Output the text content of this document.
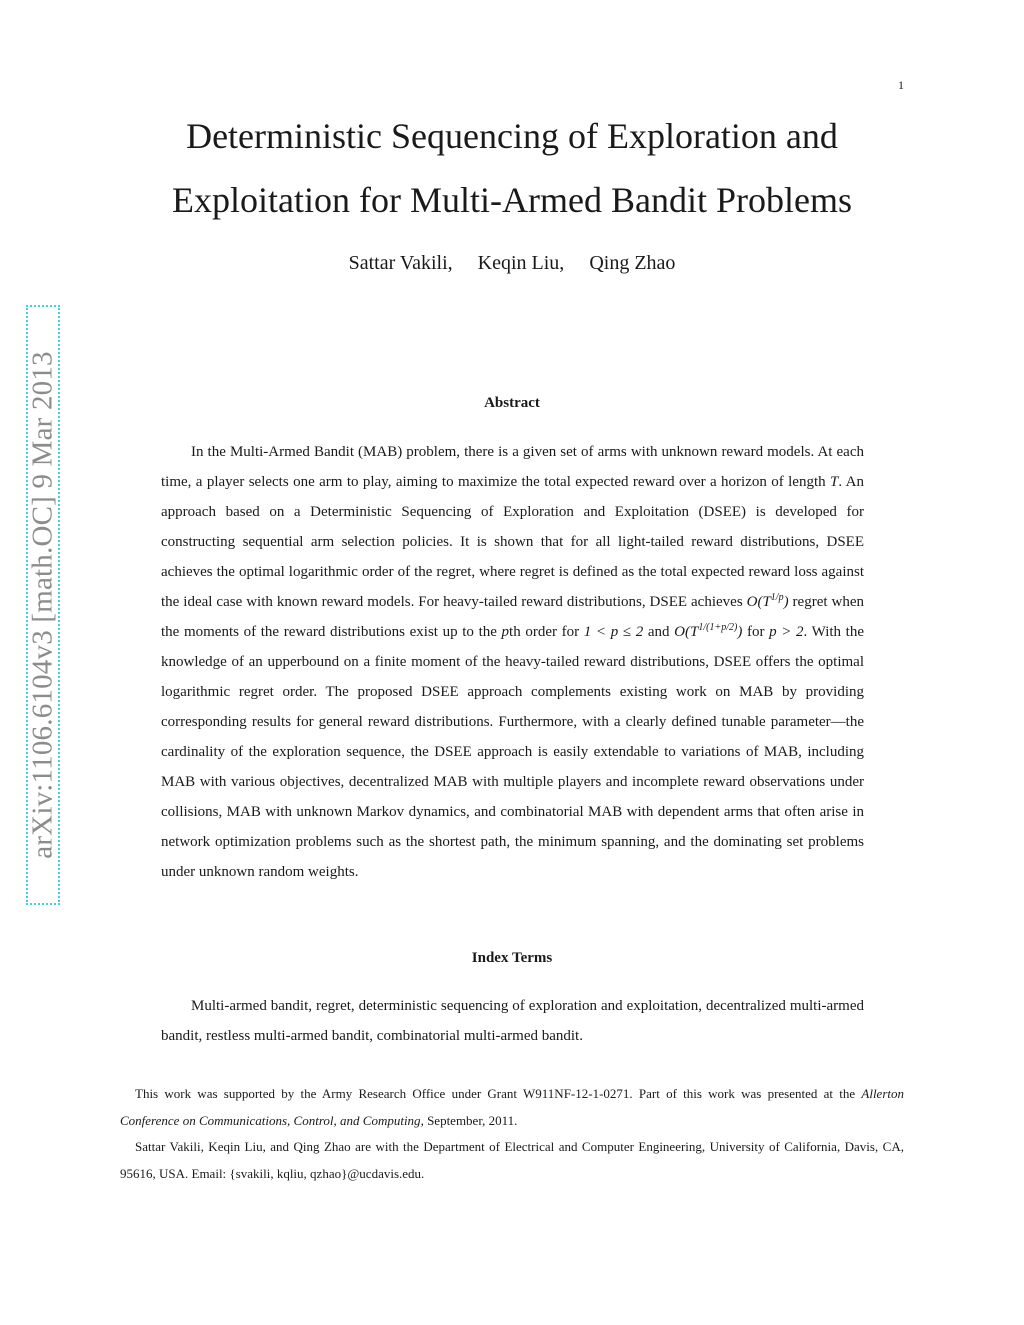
1
arXiv:1106.6104v3 [math.OC] 9 Mar 2013
Deterministic Sequencing of Exploration and Exploitation for Multi-Armed Bandit Problems
Sattar Vakili, Keqin Liu, Qing Zhao
Abstract

In the Multi-Armed Bandit (MAB) problem, there is a given set of arms with unknown reward models. At each time, a player selects one arm to play, aiming to maximize the total expected reward over a horizon of length T. An approach based on a Deterministic Sequencing of Exploration and Exploitation (DSEE) is developed for constructing sequential arm selection policies. It is shown that for all light-tailed reward distributions, DSEE achieves the optimal logarithmic order of the regret, where regret is defined as the total expected reward loss against the ideal case with known reward models. For heavy-tailed reward distributions, DSEE achieves $O(T^{1/p})$ regret when the moments of the reward distributions exist up to the pth order for 1 < p ≤ 2 and $O(T^{1/(1+p/2)})$ for p > 2. With the knowledge of an upperbound on a finite moment of the heavy-tailed reward distributions, DSEE offers the optimal logarithmic regret order. The proposed DSEE approach complements existing work on MAB by providing corresponding results for general reward distributions. Furthermore, with a clearly defined tunable parameter—the cardinality of the exploration sequence, the DSEE approach is easily extendable to variations of MAB, including MAB with various objectives, decentralized MAB with multiple players and incomplete reward observations under collisions, MAB with unknown Markov dynamics, and combinatorial MAB with dependent arms that often arise in network optimization problems such as the shortest path, the minimum spanning, and the dominating set problems under unknown random weights.

Index Terms

Multi-armed bandit, regret, deterministic sequencing of exploration and exploitation, decentralized multi-armed bandit, restless multi-armed bandit, combinatorial multi-armed bandit.

This work was supported by the Army Research Office under Grant W911NF-12-1-0271. Part of this work was presented at the Allerton Conference on Communications, Control, and Computing, September, 2011.

Sattar Vakili, Keqin Liu, and Qing Zhao are with the Department of Electrical and Computer Engineering, University of California, Davis, CA, 95616, USA. Email: {svakili, kqliu, qzhao}@ucdavis.edu.
